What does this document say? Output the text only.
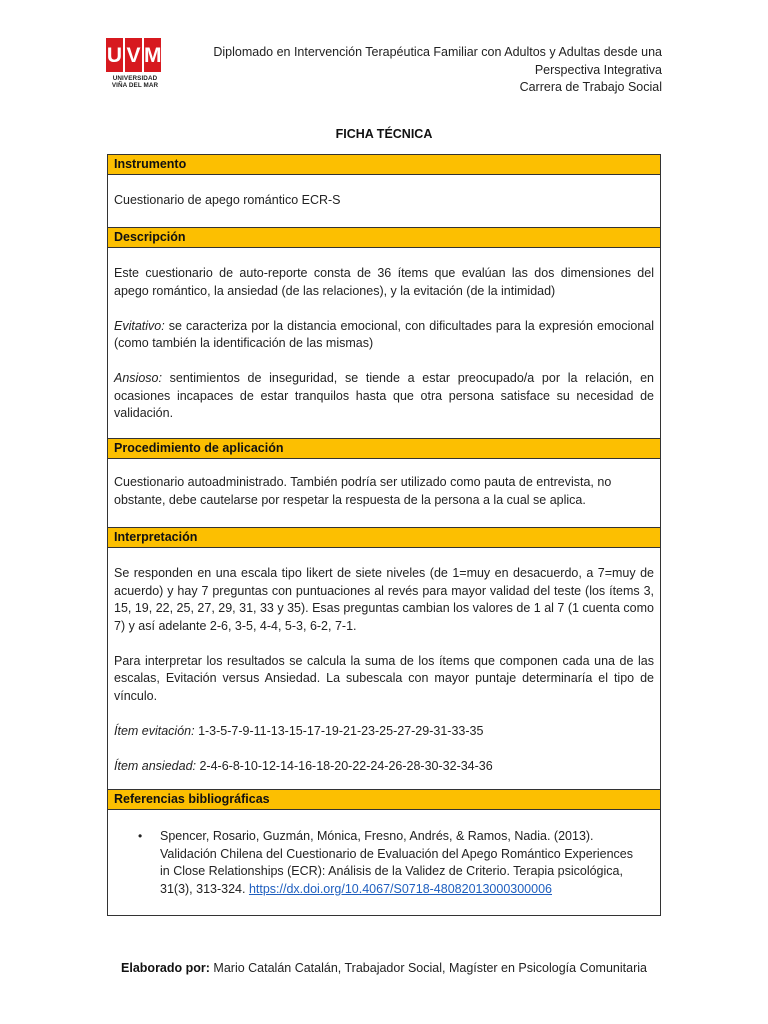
U V M
UNIVERSIDAD
VIÑA DEL MAR
Diplomado en Intervención Terapéutica Familiar con Adultos y Adultas desde una
Perspectiva Integrativa
Carrera de Trabajo Social
FICHA TÉCNICA
Instrumento

Cuestionario de apego romántico ECR-S

Descripción

Este cuestionario de auto-reporte consta de 36 ítems que evalúan las dos dimensiones del apego romántico, la ansiedad (de las relaciones), y la evitación (de la intimidad)

Evitativo: se caracteriza por la distancia emocional, con dificultades para la expresión emocional (como también la identificación de las mismas)

Ansioso: sentimientos de inseguridad, se tiende a estar preocupado/a por la relación, en ocasiones incapaces de estar tranquilos hasta que otra persona satisface su necesidad de validación.

Procedimiento de aplicación

Cuestionario autoadministrado. También podría ser utilizado como pauta de entrevista, no obstante, debe cautelarse por respetar la respuesta de la persona a la cual se aplica.

Interpretación

Se responden en una escala tipo likert de siete niveles (de 1=muy en desacuerdo, a 7=muy de acuerdo) y hay 7 preguntas con puntuaciones al revés para mayor validad del teste (los ítems 3, 15, 19, 22, 25, 27, 29, 31, 33 y 35). Esas preguntas cambian los valores de 1 al 7 (1 cuenta como 7) y así adelante 2-6, 3-5, 4-4, 5-3, 6-2, 7-1.

Para interpretar los resultados se calcula la suma de los ítems que componen cada una de las escalas, Evitación versus Ansiedad. La subescala con mayor puntaje determinaría el tipo de vínculo.

Ítem evitación: 1-3-5-7-9-11-13-15-17-19-21-23-25-27-29-31-33-35

Ítem ansiedad: 2-4-6-8-10-12-14-16-18-20-22-24-26-28-30-32-34-36

Referencias bibliográficas
• Spencer, Rosario, Guzmán, Mónica, Fresno, Andrés, & Ramos, Nadia. (2013). Validación Chilena del Cuestionario de Evaluación del Apego Romántico Experiences in Close Relationships (ECR): Análisis de la Validez de Criterio. Terapia psicológica, 31(3), 313-324. https://dx.doi.org/10.4067/S0718-48082013000300006
Elaborado por: Mario Catalán Catalán, Trabajador Social, Magíster en Psicología Comunitaria
